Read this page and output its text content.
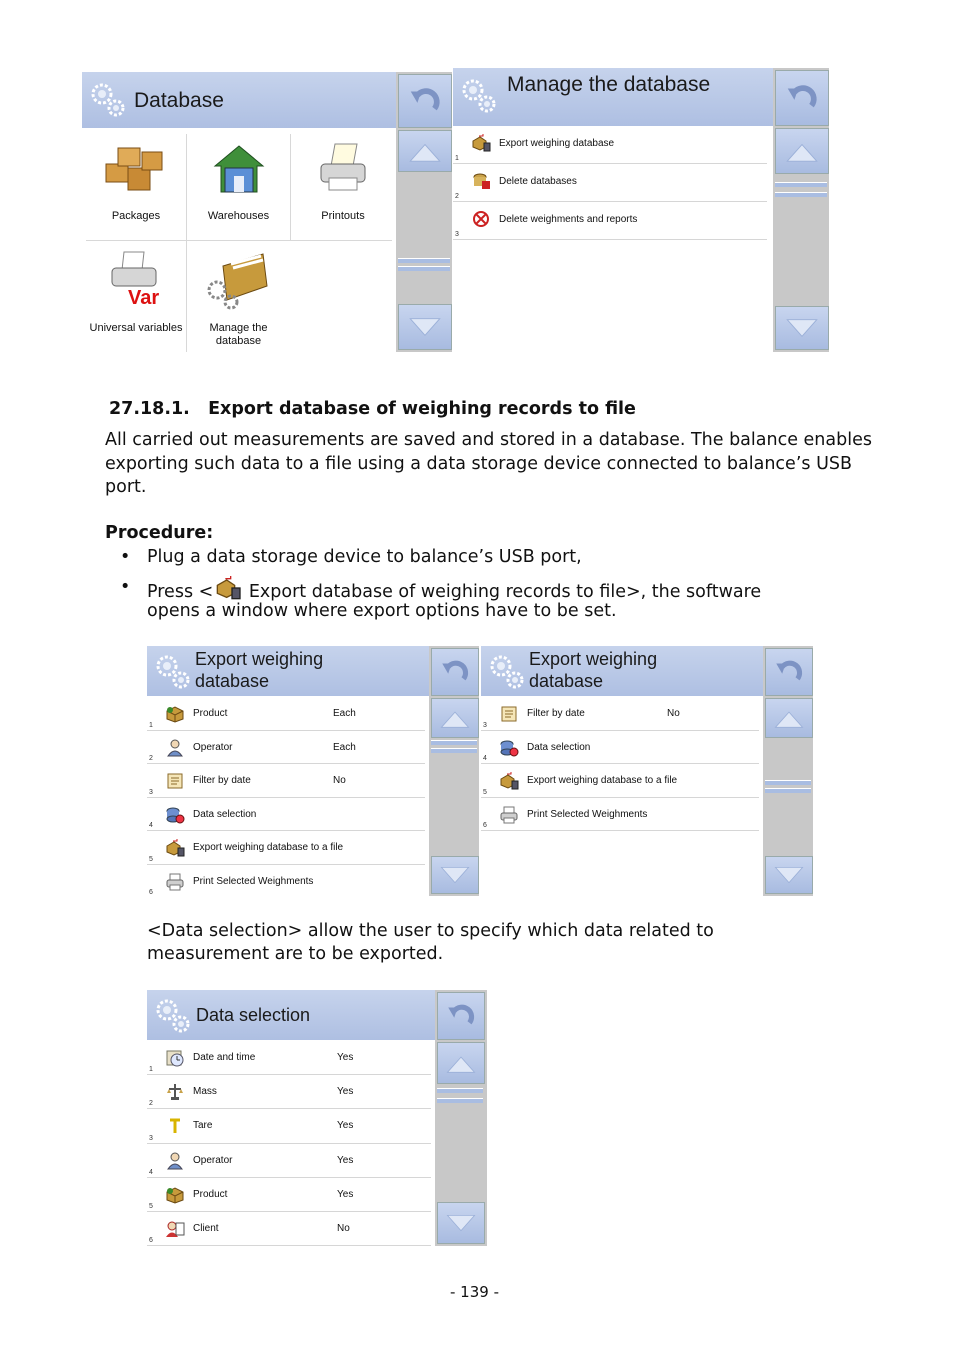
Database
Packages	Warehouses	Printouts
Var
Universal variables	Manage the database
Manage the database
Export weighing database
1
Delete databases
2
Delete weighments and reports
3
27.18.1.   Export database of weighing records to file
All carried out measurements are saved and stored in a database. The balance enables exporting such data to a file using a data storage device connected to balance’s USB port.
Procedure:
• Plug a data storage device to balance’s USB port,
• Press < Export database of weighing records to file>, the software
opens a window where export options have to be set.
Export weighing
database
Product	Each
1
Operator	Each
2
Filter by date	No
3
Data selection
4
Export weighing database to a file
5
Print Selected Weighments
6
Export weighing
database
Filter by date	No
3
Data selection
4
Export weighing database to a file
5
Print Selected Weighments
6
<Data selection> allow the user to specify which data related to
measurement are to be exported.
Data selection
Date and time	Yes
1
Mass	Yes
2
Tare	Yes
3
Operator	Yes
4
Product	Yes
5
Client	No
6
- 139 -
